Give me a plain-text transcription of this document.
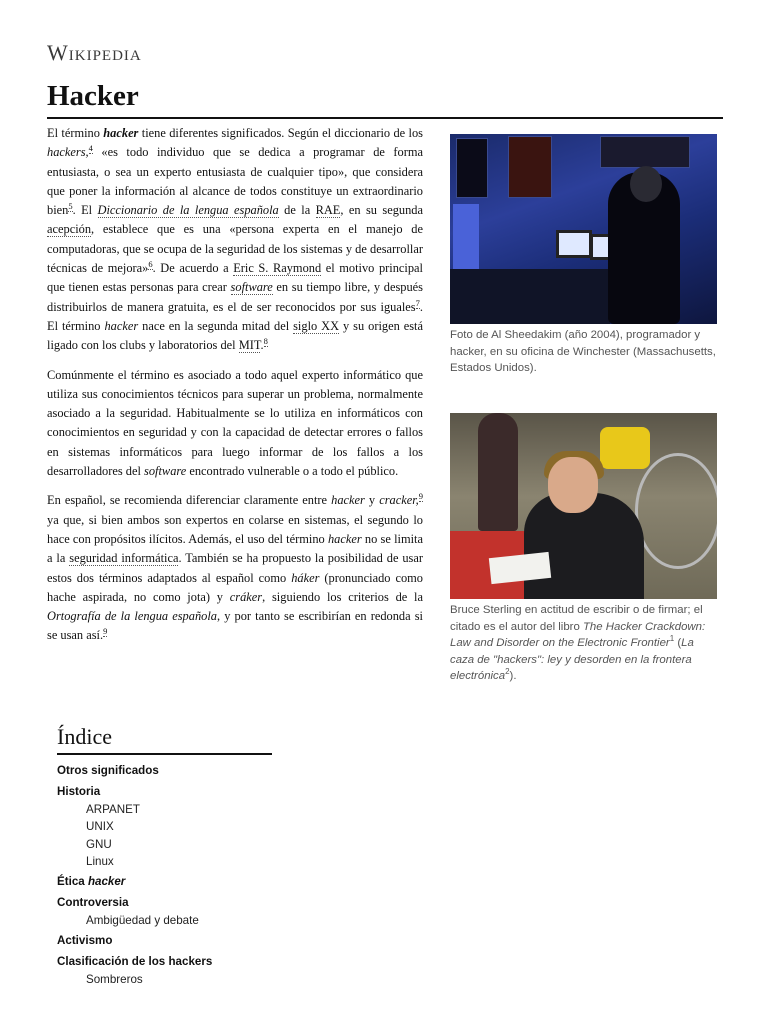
Wikipedia
Hacker

El término hacker tiene diferentes significados. Según el diccionario de los hackers,$^4$ «es todo individuo que se dedica a programar de forma entusiasta, o sea un experto entusiasta de cualquier tipo», que considera que poner la información al alcance de todos constituye un extraordinario bien$^5$. El Diccionario de la lengua española de la RAE, en su segunda acepción, establece que es una «persona experta en el manejo de computadoras, que se ocupa de la seguridad de los sistemas y de desarrollar técnicas de mejora»$^6$. De acuerdo a Eric S. Raymond el motivo principal que tienen estas personas para crear software en su tiempo libre, y después distribuirlos de manera gratuita, es el de ser reconocidos por sus iguales$^7$. El término hacker nace en la segunda mitad del siglo XX y su origen está ligado con los clubs y laboratorios del MIT.$^8$

Comúnmente el término es asociado a todo aquel experto informático que utiliza sus conocimientos técnicos para superar un problema, normalmente asociado a la seguridad. Habitualmente se lo utiliza en informáticos con conocimientos en seguridad y con la capacidad de detectar errores o fallos en sistemas informáticos para luego informar de los fallos a los desarrolladores del software encontrado vulnerable o a todo el público.

En español, se recomienda diferenciar claramente entre hacker y cracker,$^9$ ya que, si bien ambos son expertos en colarse en sistemas, el segundo lo hace con propósitos ilícitos. Además, el uso del término hacker no se limita a la seguridad informática. También se ha propuesto la posibilidad de usar estos dos términos adaptados al español como háker (pronunciado como hache aspirada, no como jota) y cráker, siguiendo los criterios de la Ortografía de la lengua española, y por tanto se escribirían en redonda si se usan así.$^9$

Foto de Al Sheedakim (año 2004), programador y hacker, en su oficina de Winchester (Massachusetts, Estados Unidos).
Bruce Sterling en actitud de escribir o de firmar; el citado es el autor del libro The Hacker Crackdown: Law and Disorder on the Electronic Frontier$^1$ (La caza de "hackers": ley y desorden en la frontera electrónica$^2$).
Índice
Otros significados
Historia
ARPANET
UNIX
GNU
Linux
Ética hacker
Controversia
Ambigüedad y debate
Activismo
Clasificación de los hackers
Sombreros
